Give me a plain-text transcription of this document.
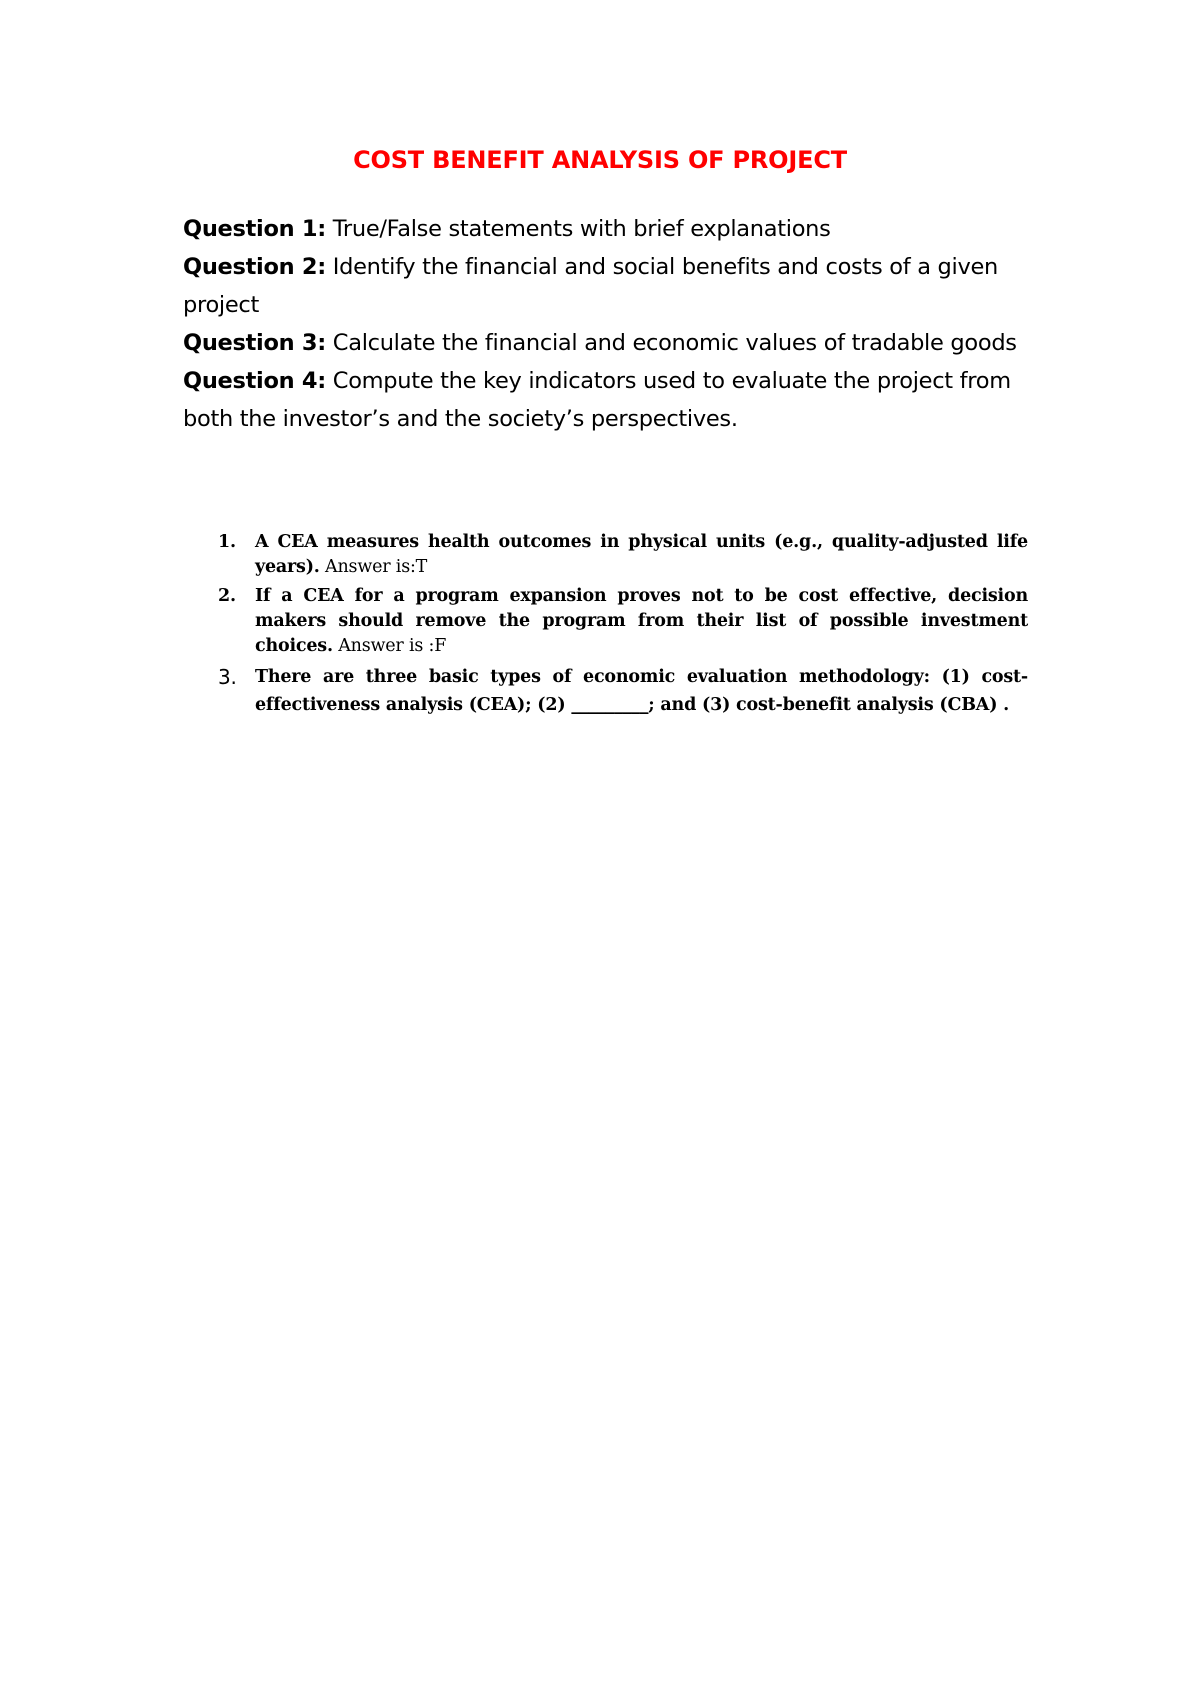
COST BENEFIT ANALYSIS OF PROJECT

Question 1: True/False statements with brief explanations

Question 2: Identify the financial and social benefits and costs of a given project

Question 3: Calculate the financial and economic values of tradable goods

Question 4: Compute the key indicators used to evaluate the project from both the investor’s and the society’s perspectives.

1. A CEA measures health outcomes in physical units (e.g., quality-adjusted life years). Answer is:T
2. If a CEA for a program expansion proves not to be cost effective, decision makers should remove the program from their list of possible investment choices. Answer is :F
3. There are three basic types of economic evaluation methodology: (1) cost-effectiveness analysis (CEA); (2) _________; and (3) cost-benefit analysis (CBA) .
